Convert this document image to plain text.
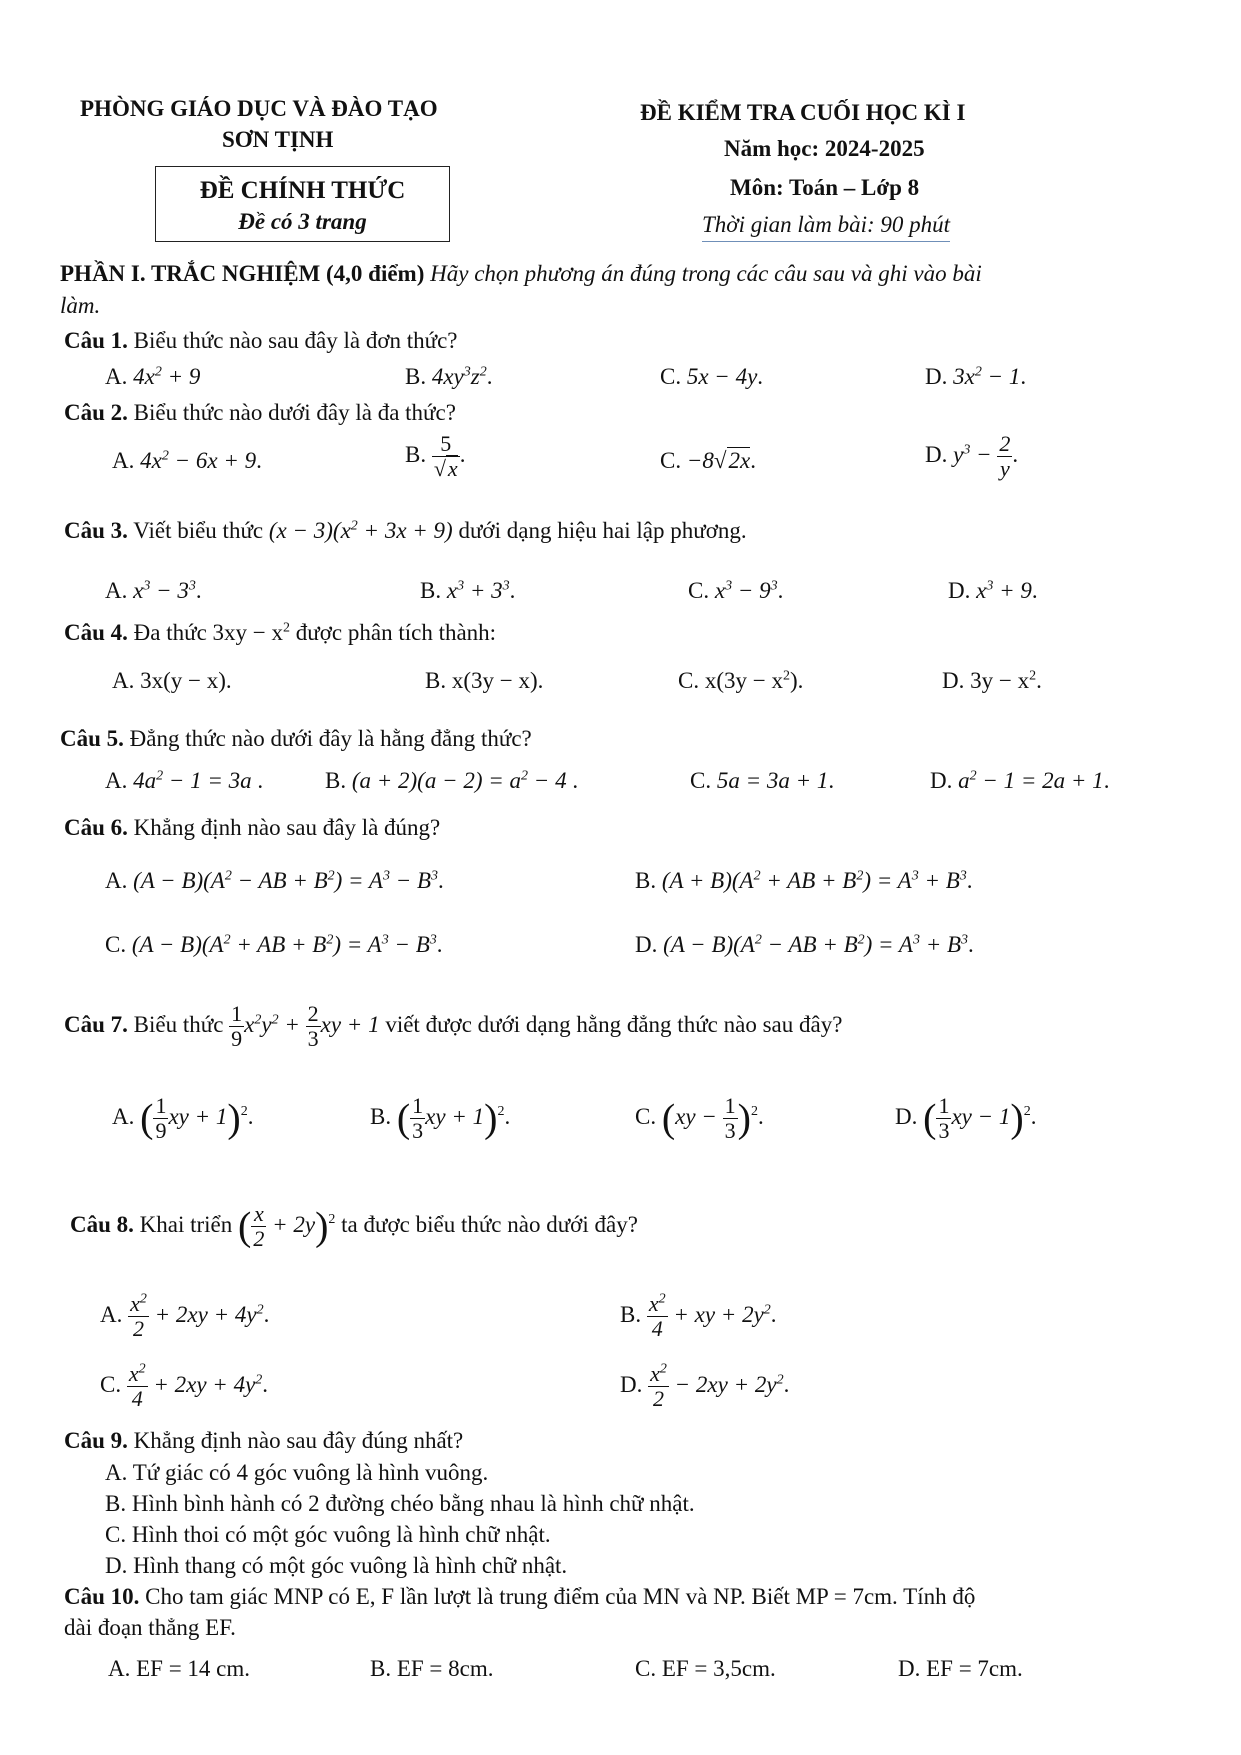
PHÒNG GIÁO DỤC VÀ ĐÀO TẠO
SƠN TỊNH
ĐỀ CHÍNH THỨC
Đề có 3 trang
ĐỀ KIỂM TRA CUỐI HỌC KÌ I
Năm học: 2024-2025
Môn: Toán – Lớp 8
Thời gian làm bài: 90 phút
PHẦN I. TRẮC NGHIỆM (4,0 điểm) Hãy chọn phương án đúng trong các câu sau và ghi vào bài
làm.
Câu 1. Biểu thức nào sau đây là đơn thức?
A. $4x^2 + 9$	B. $4xy^3z^2$.	C. 5x − 4y.	D. $3x^2 - 1$.
Câu 2. Biểu thức nào dưới đây là đa thức?
A. $4x^2 - 6x + 9$.	B. $\frac{5}{√x}$ .	C. −8√2x.	D. $y^3 - \frac{2}{y}$ .
Câu 3. Viết biểu thức $(x - 3)(x^2 + 3x + 9)$ dưới dạng hiệu hai lập phương.
A. $x^3 - 3^3$.	B. $x^3 + 3^3$.	C. $x^3 - 9^3$.	D. $x^3 + 9$.
Câu 4. Đa thức $3xy - x^2$ được phân tích thành:
A. 3x(y − x).	B. x(3y − x).	C. $x(3y - x^2)$.	D. $3y - x^2$.
Câu 5. Đẳng thức nào dưới đây là hằng đẳng thức?
A. $4a^2 - 1 = 3a$ .	B. $(a + 2)(a - 2) = a^2 - 4$ .	C. 5a = 3a + 1.	D. $a^2 - 1 = 2a + 1$.
Câu 6. Khẳng định nào sau đây là đúng?
A. $(A - B)(A^2$ − AB + $B^2) = A^3 - B^3$.	B. $(A + B)(A^2$ + AB + $B^2) = A^3 + B^3$.
C. $(A - B)(A^2$ + AB + $B^2) = A^3 - B^3$.	D. $(A - B)(A^2$ − AB + $B^2) = A^3 + B^3$.
Câu 7. Biểu thức $\frac{1}{9} x^2y^2 + \frac{2}{3}$ xy + 1 viết được dưới dạng hằng đẳng thức nào sau đây?
A. ( $\frac{1}{9}$ xy + 1)$^2$.	B. ( $\frac{1}{3}$ xy + 1)$^2$.	C. $(xy - \frac{1}{3} )^2$.	D. ( $\frac{1}{3}$ xy − 1)$^2$.
Câu 8. Khai triển ( $\frac{x}{2} + 2y)^2$ ta được biểu thức nào dưới đây?
A. $\frac{x^2}{2} + 2xy + 4y^2$.	B. $\frac{x^2}{4}$ + xy + $2y^2$.
C. $\frac{x^2}{4} + 2xy + 4y^2$.	D. $\frac{x^2}{2} - 2xy + 2y^2$.
Câu 9. Khẳng định nào sau đây đúng nhất?
A. Tứ giác có 4 góc vuông là hình vuông.
B. Hình bình hành có 2 đường chéo bằng nhau là hình chữ nhật.
C. Hình thoi có một góc vuông là hình chữ nhật.
D. Hình thang có một góc vuông là hình chữ nhật.
Câu 10. Cho tam giác MNP có E, F lần lượt là trung điểm của MN và NP. Biết MP = 7cm. Tính độ
dài đoạn thẳng EF.
A. EF = 14 cm.	B. EF = 8cm.	C. EF = 3,5cm.	D. EF = 7cm.
